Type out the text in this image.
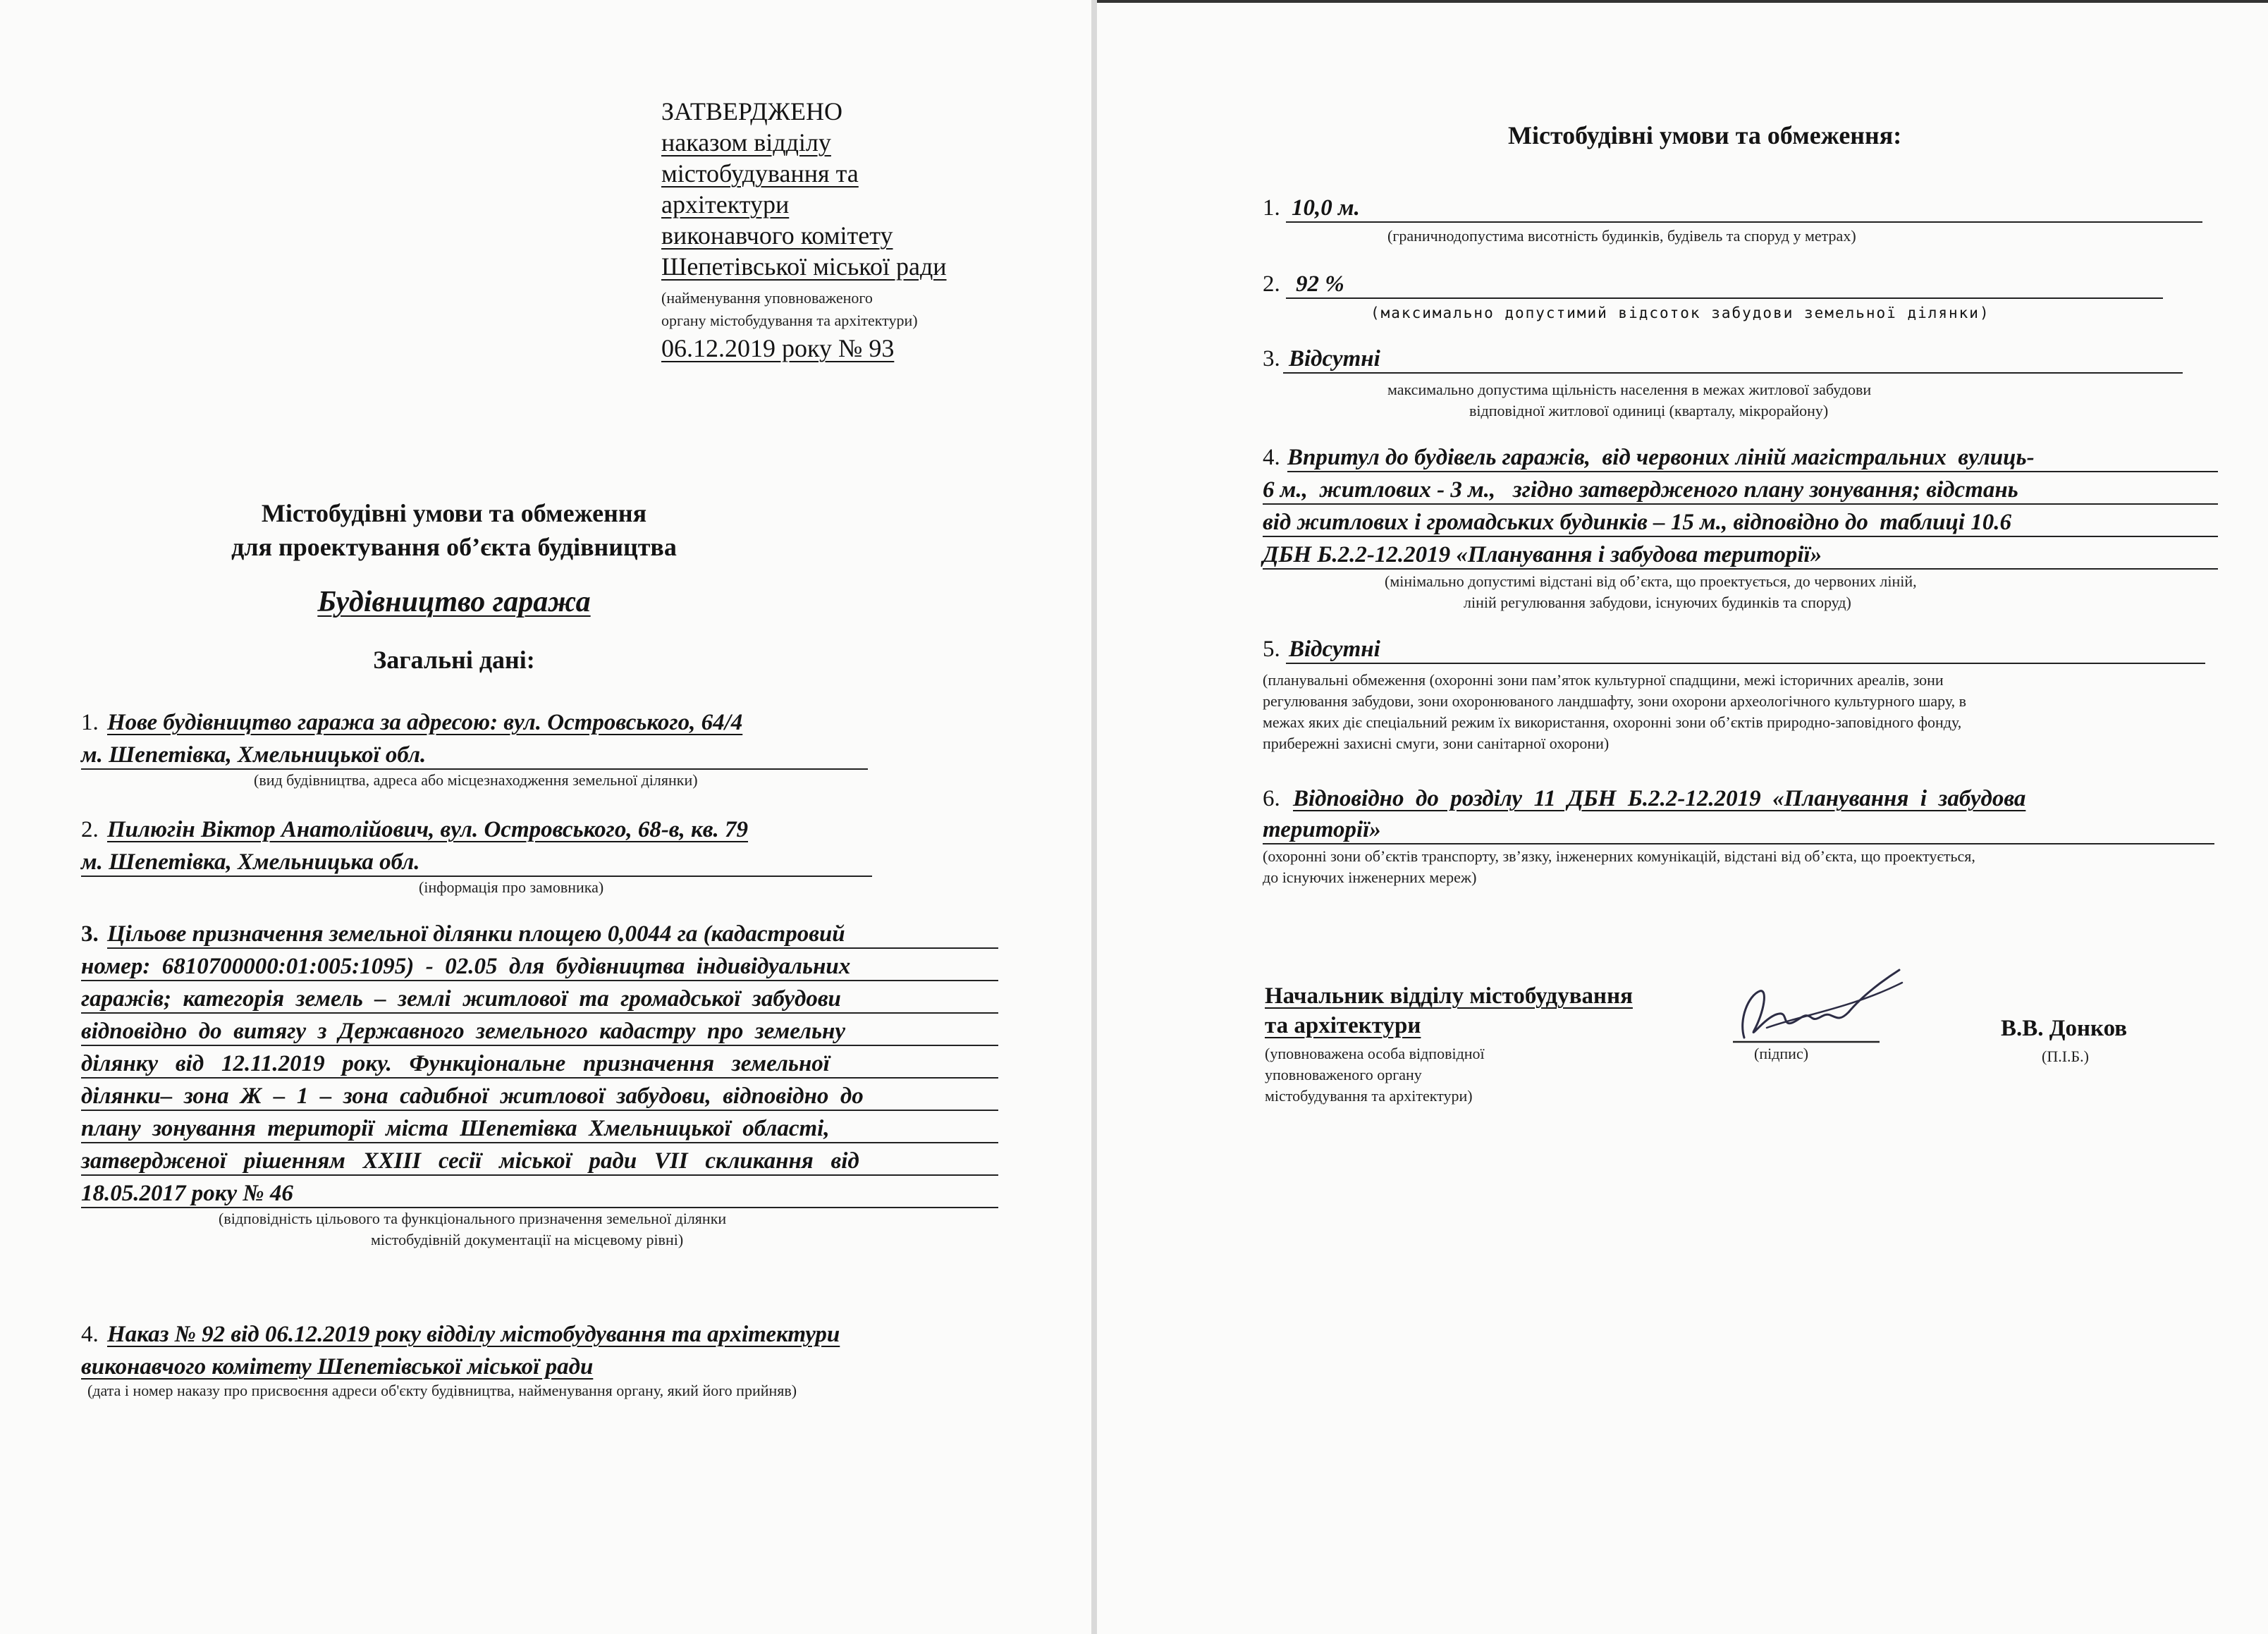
ЗАТВЕРДЖЕНО
наказом відділу
містобудування та
архітектури
виконавчого комітету
Шепетівської міської ради
(найменування уповноваженого
органу містобудування та архітектури)
06.12.2019 року № 93
Містобудівні умови та обмеження
для проектування об’єкта будівництва
Будівництво гаража
Загальні дані:
1. Нове будівництво гаража за адресою: вул. Островського, 64/4
м. Шепетівка, Хмельницької обл.
(вид будівництва, адреса або місцезнаходження земельної ділянки)
2. Пилюгін Віктор Анатолійович, вул. Островського, 68-в, кв. 79
м. Шепетівка, Хмельницька обл.
(інформація про замовника)
3. Цільове призначення земельної ділянки площею 0,0044 га (кадастровий
номер:  6810700000:01:005:1095)  -  02.05  для  будівництва  індивідуальних
гаражів;  категорія  земель  –  землі  житлової  та  громадської  забудови
відповідно  до  витягу  з  Державного  земельного  кадастру  про  земельну
ділянку   від   12.11.2019   року.   Функціональне   призначення   земельної
ділянки–  зона  Ж  –  1  –  зона  садибної  житлової  забудови,  відповідно  до
плану  зонування  території  міста  Шепетівка  Хмельницької  області,
затвердженої   рішенням   ХХІІІ   сесії   міської   ради   VІІ   скликання   від
18.05.2017 року № 46
(відповідність цільового та функціонального призначення земельної ділянки
містобудівній документації на місцевому рівні)
4. Наказ № 92 від 06.12.2019 року відділу містобудування та архітектури
виконавчого комітету Шепетівської міської ради
(дата і номер наказу про присвоєння адреси об'єкту будівництва, найменування органу, який його прийняв)
Містобудівні умови та обмеження:
1. 10,0 м.
(граничнодопустима висотність будинків, будівель та споруд у метрах)
2. 92 %
(максимально допустимий відсоток забудови земельної ділянки)
3. Відсутні
максимально допустима щільність населення в межах житлової забудови
відповідної житлової одиниці (кварталу, мікрорайону)
4. Впритул до будівель гаражів,  від червоних ліній магістральних  вулиць-
6 м.,  житлових - 3 м.,   згідно затвердженого плану зонування; відстань
від житлових і громадських будинків – 15 м., відповідно до  таблиці 10.6
ДБН Б.2.2-12.2019 «Планування і забудова території»
(мінімально допустимі відстані від об’єкта, що проектується, до червоних ліній,
ліній регулювання забудови, існуючих будинків та споруд)
5. Відсутні
(планувальні обмеження (охоронні зони пам’яток культурної спадщини, межі історичних ареалів, зони
регулювання забудови, зони охоронюваного ландшафту, зони охорони археологічного культурного шару, в
межах яких діє спеціальний режим їх використання, охоронні зони об’єктів природно-заповідного фонду,
прибережні захисні смуги, зони санітарної охорони)
6. Відповідно  до  розділу  11  ДБН  Б.2.2-12.2019  «Планування  і  забудова
території»
(охоронні зони об’єктів транспорту, зв’язку, інженерних комунікацій, відстані від об’єкта, що проектується,
до існуючих інженерних мереж)
Начальник відділу містобудування
та архітектури
(уповноважена особа відповідної
уповноваженого органу
містобудування та архітектури)
(підпис)
В.В. Донков
(П.І.Б.)
